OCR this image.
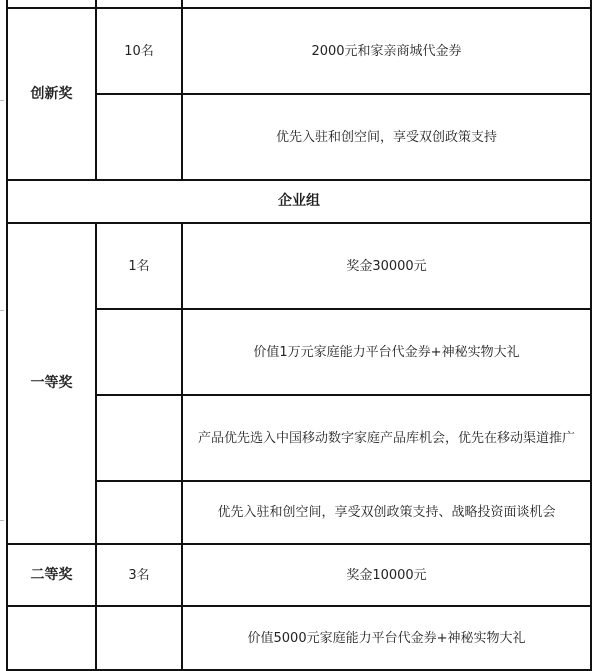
创新奖	10名	2000元和家亲商城代金券
		优先入驻和创空间，享受双创政策支持
企业组		
一等奖	1名	奖金30000元
		价值1万元家庭能力平台代金券+神秘实物大礼
		产品优先选入中国移动数字家庭产品库机会，优先在移动渠道推广
		优先入驻和创空间，享受双创政策支持、战略投资面谈机会
二等奖	3名	奖金10000元
		价值5000元家庭能力平台代金券+神秘实物大礼
